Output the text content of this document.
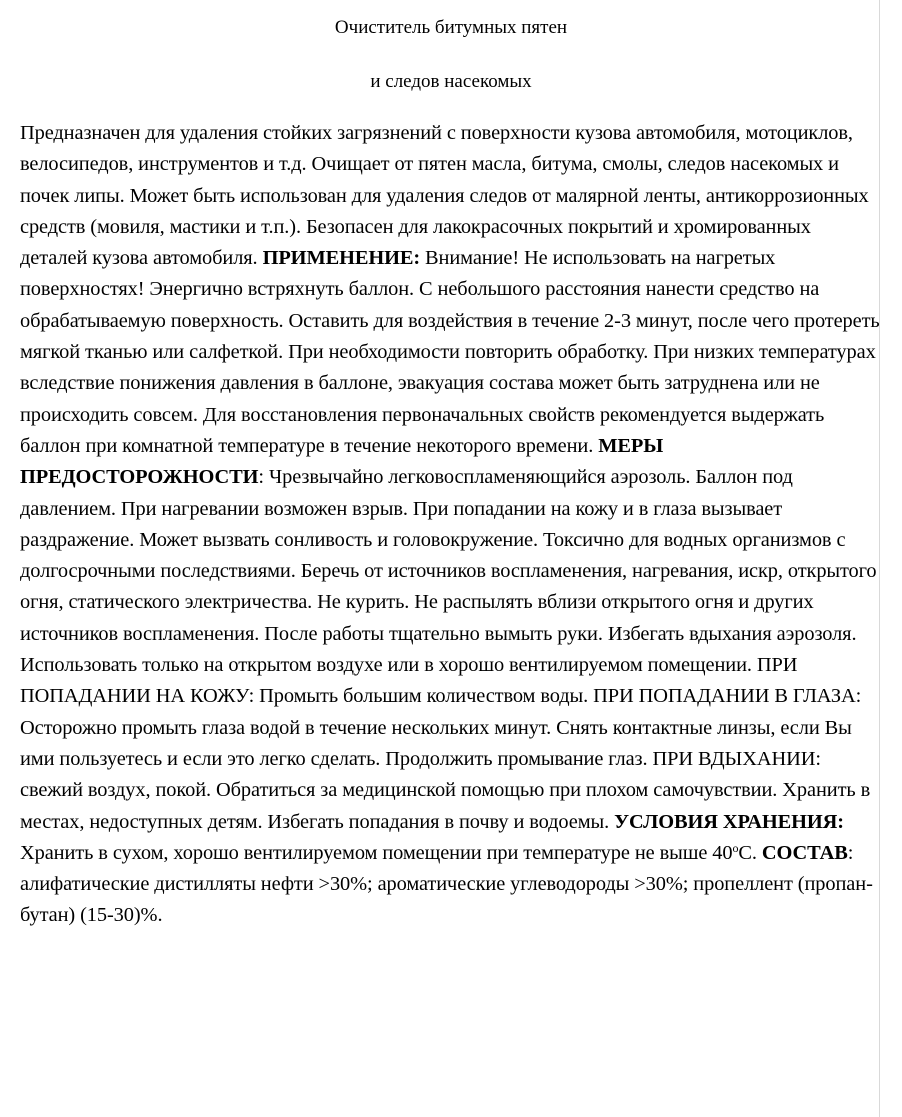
Очиститель битумных пятен

и следов насекомых

Предназначен для удаления стойких загрязнений с поверхности кузова автомобиля, мотоциклов, велосипедов, инструментов и т.д. Очищает от пятен масла, битума, смолы, следов насекомых и почек липы. Может быть использован для удаления следов от малярной ленты, антикоррозионных средств (мовиля, мастики и т.п.). Безопасен для лакокрасочных покрытий и хромированных деталей кузова автомобиля. ПРИМЕНЕНИЕ: Внимание! Не использовать на нагретых поверхностях! Энергично встряхнуть баллон. С небольшого расстояния нанести средство на обрабатываемую поверхность. Оставить для воздействия в течение 2-3 минут, после чего протереть мягкой тканью или салфеткой. При необходимости повторить обработку. При низких температурах вследствие понижения давления в баллоне, эвакуация состава может быть затруднена или не происходить совсем. Для восстановления первоначальных свойств рекомендуется выдержать баллон при комнатной температуре в течение некоторого времени. МЕРЫ ПРЕДОСТОРОЖНОСТИ: Чрезвычайно легковоспламеняющийся аэрозоль. Баллон под давлением. При нагревании возможен взрыв. При попадании на кожу и в глаза вызывает раздражение. Может вызвать сонливость и головокружение. Токсично для водных организмов с долгосрочными последствиями. Беречь от источников воспламенения, нагревания, искр, открытого огня, статического электричества. Не курить. Не распылять вблизи открытого огня и других источников воспламенения. После работы тщательно вымыть руки. Избегать вдыхания аэрозоля. Использовать только на открытом воздухе или в хорошо вентилируемом помещении. ПРИ ПОПАДАНИИ НА КОЖУ: Промыть большим количеством воды. ПРИ ПОПАДАНИИ В ГЛАЗА: Осторожно промыть глаза водой в течение нескольких минут. Снять контактные линзы, если Вы ими пользуетесь и если это легко сделать. Продолжить промывание глаз. ПРИ ВДЫХАНИИ: свежий воздух, покой. Обратиться за медицинской помощью при плохом самочувствии. Хранить в местах, недоступных детям. Избегать попадания в почву и водоемы. УСЛОВИЯ ХРАНЕНИЯ: Хранить в сухом, хорошо вентилируемом помещении при температуре не выше $40^оС$. СОСТАВ: алифатические дистилляты нефти >30%; ароматические углеводороды >30%; пропеллент (пропан-бутан) (15-30)%.
